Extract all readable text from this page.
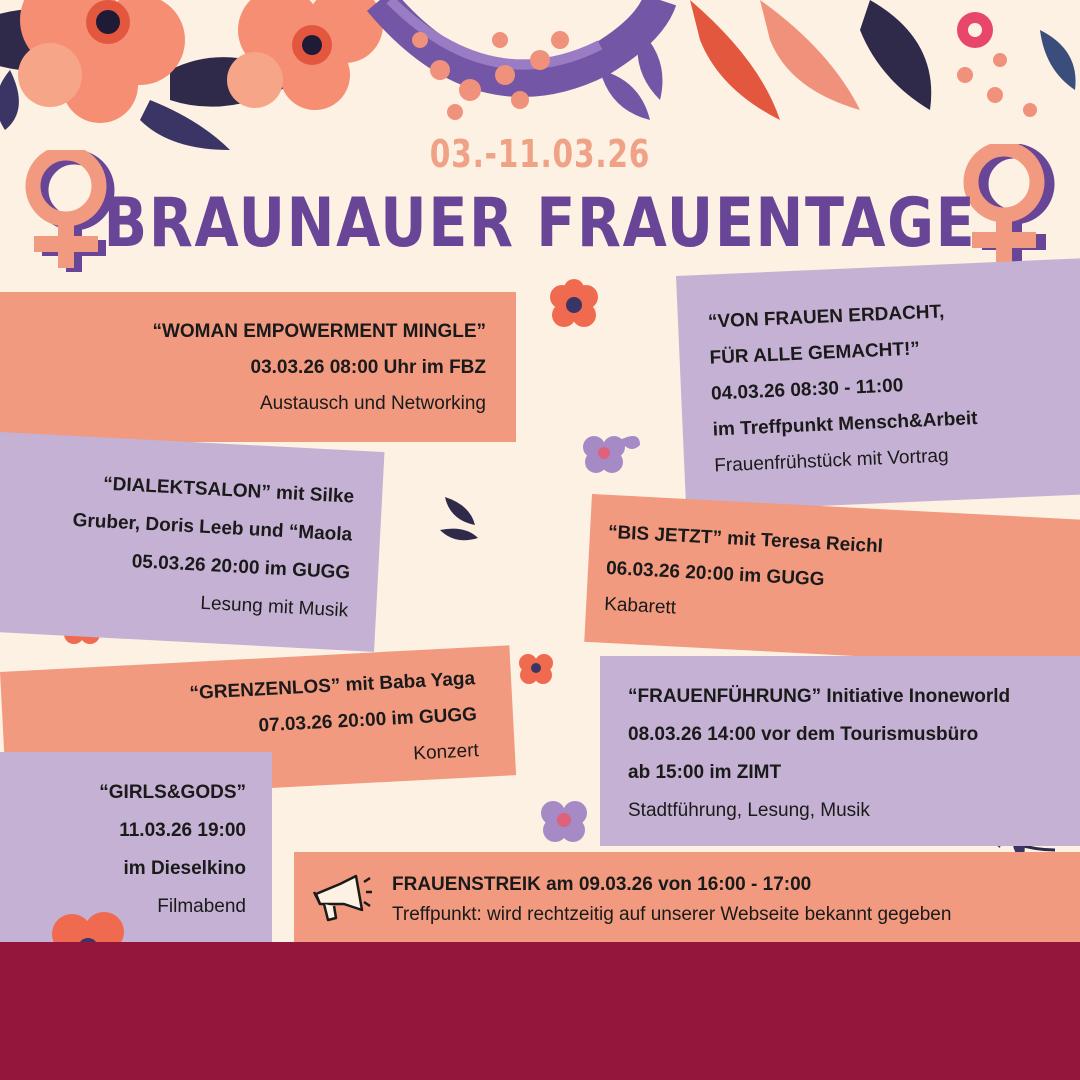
03.-11.03.26
BRAUNAUER FRAUENTAGE
“WOMAN EMPOWERMENT MINGLE”
03.03.26 08:00 Uhr im FBZ
Austausch und Networking
“VON FRAUEN ERDACHT,
FÜR ALLE GEMACHT!”
04.03.26 08:30 - 11:00
im Treffpunkt Mensch&Arbeit
Frauenfrühstück mit Vortrag
“DIALEKTSALON” mit Silke
Gruber, Doris Leeb und “Maola
05.03.26 20:00 im GUGG
Lesung mit Musik
“BIS JETZT” mit Teresa Reichl
06.03.26 20:00 im GUGG
Kabarett
“GRENZENLOS” mit Baba Yaga
07.03.26 20:00 im GUGG
Konzert
“FRAUENFÜHRUNG” Initiative Inoneworld
08.03.26 14:00 vor dem Tourismusbüro
ab 15:00 im ZIMT
Stadtführung, Lesung, Musik
“GIRLS&GODS”
11.03.26 19:00
im Dieselkino
Filmabend
FRAUENSTREIK am 09.03.26 von 16:00 - 17:00
Treffpunkt: wird rechtzeitig auf unserer Webseite bekannt gegeben
